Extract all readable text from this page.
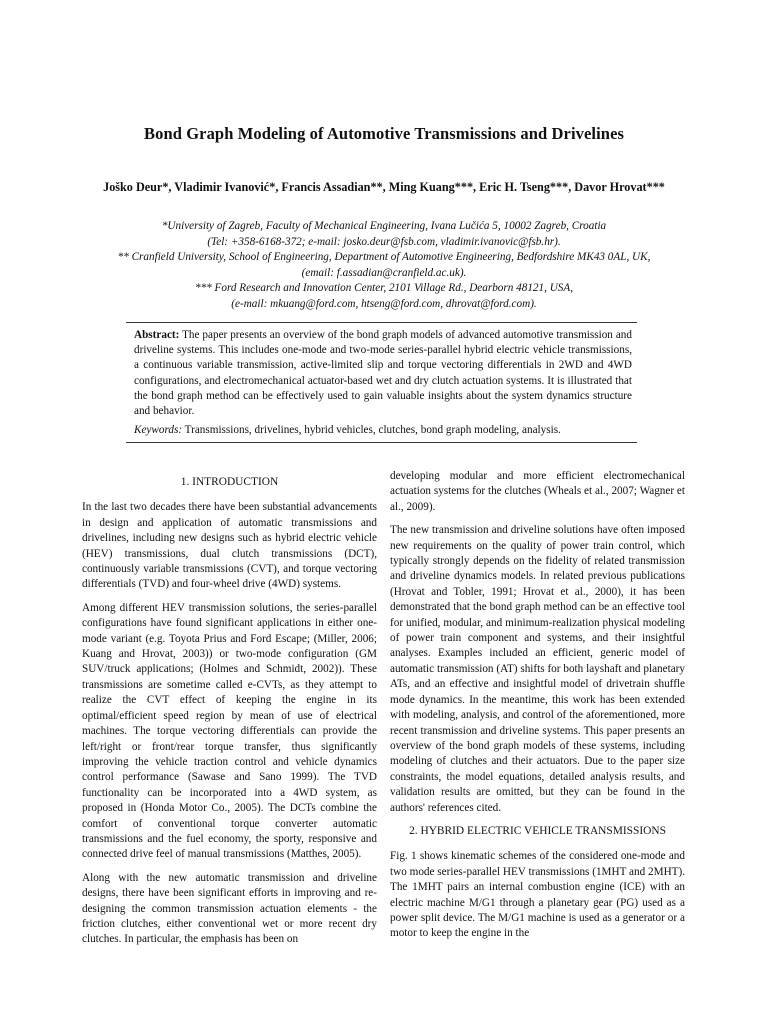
Bond Graph Modeling of Automotive Transmissions and Drivelines
Joško Deur*, Vladimir Ivanović*, Francis Assadian**, Ming Kuang***, Eric H. Tseng***, Davor Hrovat***
*University of Zagreb, Faculty of Mechanical Engineering, Ivana Lučića 5, 10002 Zagreb, Croatia
(Tel: +358-6168-372; e-mail: josko.deur@fsb.com, vladimir.ivanovic@fsb.hr).
** Cranfield University, School of Engineering, Department of Automotive Engineering, Bedfordshire MK43 0AL, UK,
(email: f.assadian@cranfield.ac.uk).
*** Ford Research and Innovation Center, 2101 Village Rd., Dearborn 48121, USA,
(e-mail: mkuang@ford.com, htseng@ford.com, dhrovat@ford.com).
Abstract: The paper presents an overview of the bond graph models of advanced automotive transmission and driveline systems. This includes one-mode and two-mode series-parallel hybrid electric vehicle transmissions, a continuous variable transmission, active-limited slip and torque vectoring differentials in 2WD and 4WD configurations, and electromechanical actuator-based wet and dry clutch actuation systems. It is illustrated that the bond graph method can be effectively used to gain valuable insights about the system dynamics structure and behavior.
Keywords: Transmissions, drivelines, hybrid vehicles, clutches, bond graph modeling, analysis.
1. INTRODUCTION

In the last two decades there have been substantial advancements in design and application of automatic transmissions and drivelines, including new designs such as hybrid electric vehicle (HEV) transmissions, dual clutch transmissions (DCT), continuously variable transmissions (CVT), and torque vectoring differentials (TVD) and four-wheel drive (4WD) systems.

Among different HEV transmission solutions, the series-parallel configurations have found significant applications in either one-mode variant (e.g. Toyota Prius and Ford Escape; (Miller, 2006; Kuang and Hrovat, 2003)) or two-mode configuration (GM SUV/truck applications; (Holmes and Schmidt, 2002)). These transmissions are sometime called e-CVTs, as they attempt to realize the CVT effect of keeping the engine in its optimal/efficient speed region by mean of use of electrical machines. The torque vectoring differentials can provide the left/right or front/rear torque transfer, thus significantly improving the vehicle traction control and vehicle dynamics control performance (Sawase and Sano 1999). The TVD functionality can be incorporated into a 4WD system, as proposed in (Honda Motor Co., 2005). The DCTs combine the comfort of conventional torque converter automatic transmissions and the fuel economy, the sporty, responsive and connected drive feel of manual transmissions (Matthes, 2005).

Along with the new automatic transmission and driveline designs, there have been significant efforts in improving and re-designing the common transmission actuation elements - the friction clutches, either conventional wet or more recent dry clutches. In particular, the emphasis has been on

developing modular and more efficient electromechanical actuation systems for the clutches (Wheals et al., 2007; Wagner et al., 2009).

The new transmission and driveline solutions have often imposed new requirements on the quality of power train control, which typically strongly depends on the fidelity of related transmission and driveline dynamics models. In related previous publications (Hrovat and Tobler, 1991; Hrovat et al., 2000), it has been demonstrated that the bond graph method can be an effective tool for unified, modular, and minimum-realization physical modeling of power train component and systems, and their insightful analyses. Examples included an efficient, generic model of automatic transmission (AT) shifts for both layshaft and planetary ATs, and an effective and insightful model of drivetrain shuffle mode dynamics. In the meantime, this work has been extended with modeling, analysis, and control of the aforementioned, more recent transmission and driveline systems. This paper presents an overview of the bond graph models of these systems, including modeling of clutches and their actuators. Due to the paper size constraints, the model equations, detailed analysis results, and validation results are omitted, but they can be found in the authors' references cited.

2. HYBRID ELECTRIC VEHICLE TRANSMISSIONS

Fig. 1 shows kinematic schemes of the considered one-mode and two mode series-parallel HEV transmissions (1MHT and 2MHT). The 1MHT pairs an internal combustion engine (ICE) with an electric machine M/G1 through a planetary gear (PG) used as a power split device. The M/G1 machine is used as a generator or a motor to keep the engine in the
